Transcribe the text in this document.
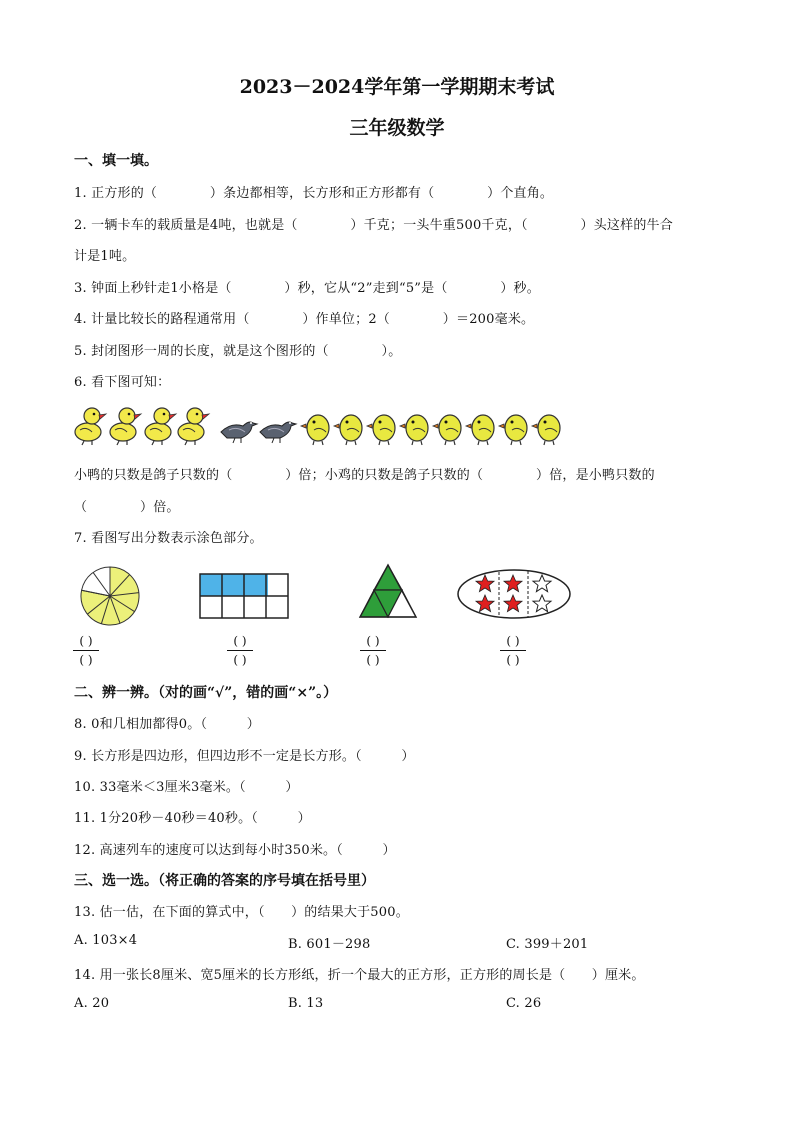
2023－2024学年第一学期期末考试
三年级数学
一、填一填。
1. 正方形的（　　　　）条边都相等，长方形和正方形都有（　　　　）个直角。
2. 一辆卡车的载质量是4吨，也就是（　　　　）千克；一头牛重500千克，（　　　　）头这样的牛合
计是1吨。
3. 钟面上秒针走1小格是（　　　　）秒，它从“2”走到“5”是（　　　　）秒。
4. 计量比较长的路程通常用（　　　　）作单位；2（　　　　）＝200毫米。
5. 封闭图形一周的长度，就是这个图形的（　　　　）。
6. 看下图可知：
小鸭的只数是鸽子只数的（　　　　）倍；小鸡的只数是鸽子只数的（　　　　）倍，是小鸭只数的
（　　　　）倍。
7. 看图写出分数表示涂色部分。
( )
( )
( )
( )
( )
( )
( )
( )
二、辨一辨。（对的画“√”，错的画“×”。）
8. 0和几相加都得0。（　　　）
9. 长方形是四边形，但四边形不一定是长方形。（　　　）
10. 33毫米＜3厘米3毫米。（　　　）
11. 1分20秒－40秒＝40秒。（　　　）
12. 高速列车的速度可以达到每小时350米。（　　　）
三、选一选。（将正确的答案的序号填在括号里）
13. 估一估，在下面的算式中，（　　）的结果大于500。
A. 103×4	B. 601－298	C. 399＋201
14. 用一张长8厘米、宽5厘米的长方形纸，折一个最大的正方形，正方形的周长是（　　）厘米。
A. 20	B. 13	C. 26
